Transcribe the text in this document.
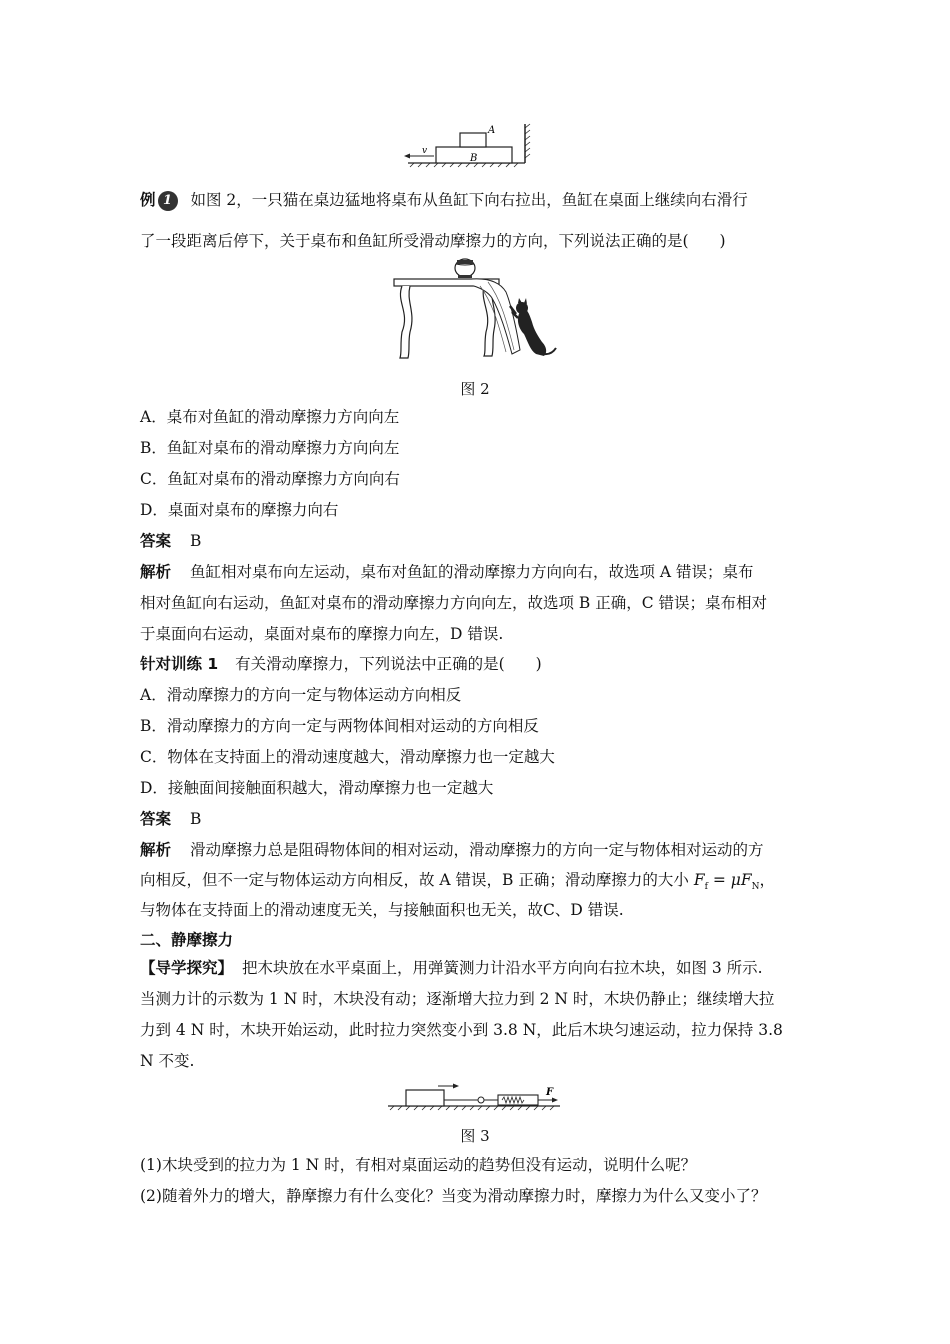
v
A
B
例 1 如图 2，一只猫在桌边猛地将桌布从鱼缸下向右拉出，鱼缸在桌面上继续向右滑行
了一段距离后停下，关于桌布和鱼缸所受滑动摩擦力的方向，下列说法正确的是(　　)
图 2
A．桌布对鱼缸的滑动摩擦力方向向左
B．鱼缸对桌布的滑动摩擦力方向向左
C．鱼缸对桌布的滑动摩擦力方向向右
D．桌面对桌布的摩擦力向右
答案 B
解析 鱼缸相对桌布向左运动，桌布对鱼缸的滑动摩擦力方向向右，故选项 A 错误；桌布
相对鱼缸向右运动，鱼缸对桌布的滑动摩擦力方向向左，故选项 B 正确，C 错误；桌布相对
于桌面向右运动，桌面对桌布的摩擦力向左，D 错误.
针对训练 1 有关滑动摩擦力，下列说法中正确的是(　　)
A．滑动摩擦力的方向一定与物体运动方向相反
B．滑动摩擦力的方向一定与两物体间相对运动的方向相反
C．物体在支持面上的滑动速度越大，滑动摩擦力也一定越大
D．接触面间接触面积越大，滑动摩擦力也一定越大
答案 B
解析 滑动摩擦力总是阻碍物体间的相对运动，滑动摩擦力的方向一定与物体相对运动的方
向相反，但不一定与物体运动方向相反，故 A 错误，B 正确；滑动摩擦力的大小 $F_f = \mu F_N$，
与物体在支持面上的滑动速度无关，与接触面积也无关，故C、D 错误.
二、静摩擦力
【导学探究】 把木块放在水平桌面上，用弹簧测力计沿水平方向向右拉木块，如图 3 所示.
当测力计的示数为 1 N 时，木块没有动；逐渐增大拉力到 2 N 时，木块仍静止；继续增大拉
力到 4 N 时，木块开始运动，此时拉力突然变小到 3.8 N，此后木块匀速运动，拉力保持 3.8
N 不变.
F
图 3
(1)木块受到的拉力为 1 N 时，有相对桌面运动的趋势但没有运动，说明什么呢？
(2)随着外力的增大，静摩擦力有什么变化？当变为滑动摩擦力时，摩擦力为什么又变小了？
